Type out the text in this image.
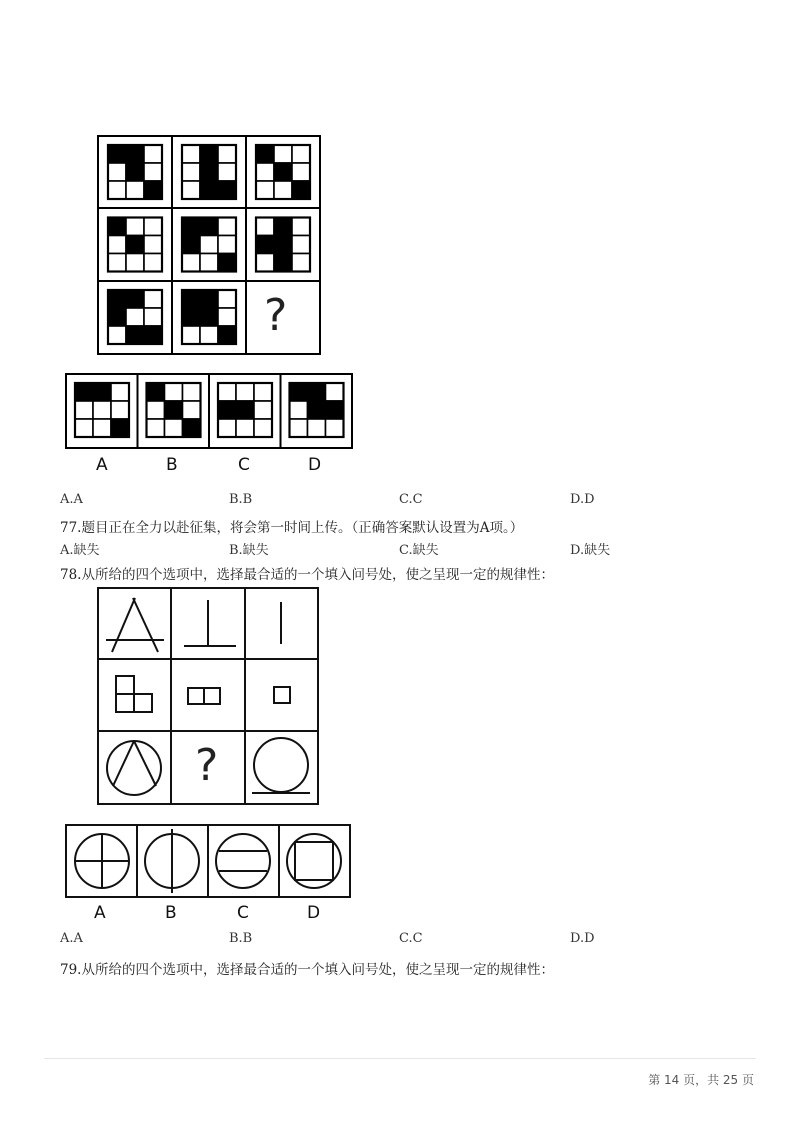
?
A	B	C	D
A.A	B.B	C.C	D.D
77.题目正在全力以赴征集，将会第一时间上传。（正确答案默认设置为A项。）
A.缺失	B.缺失	C.缺失	D.缺失
78.从所给的四个选项中，选择最合适的一个填入问号处，使之呈现一定的规律性：
?
A	B	C	D
A.A	B.B	C.C	D.D
79.从所给的四个选项中，选择最合适的一个填入问号处，使之呈现一定的规律性：
第 14 页，共 25 页
